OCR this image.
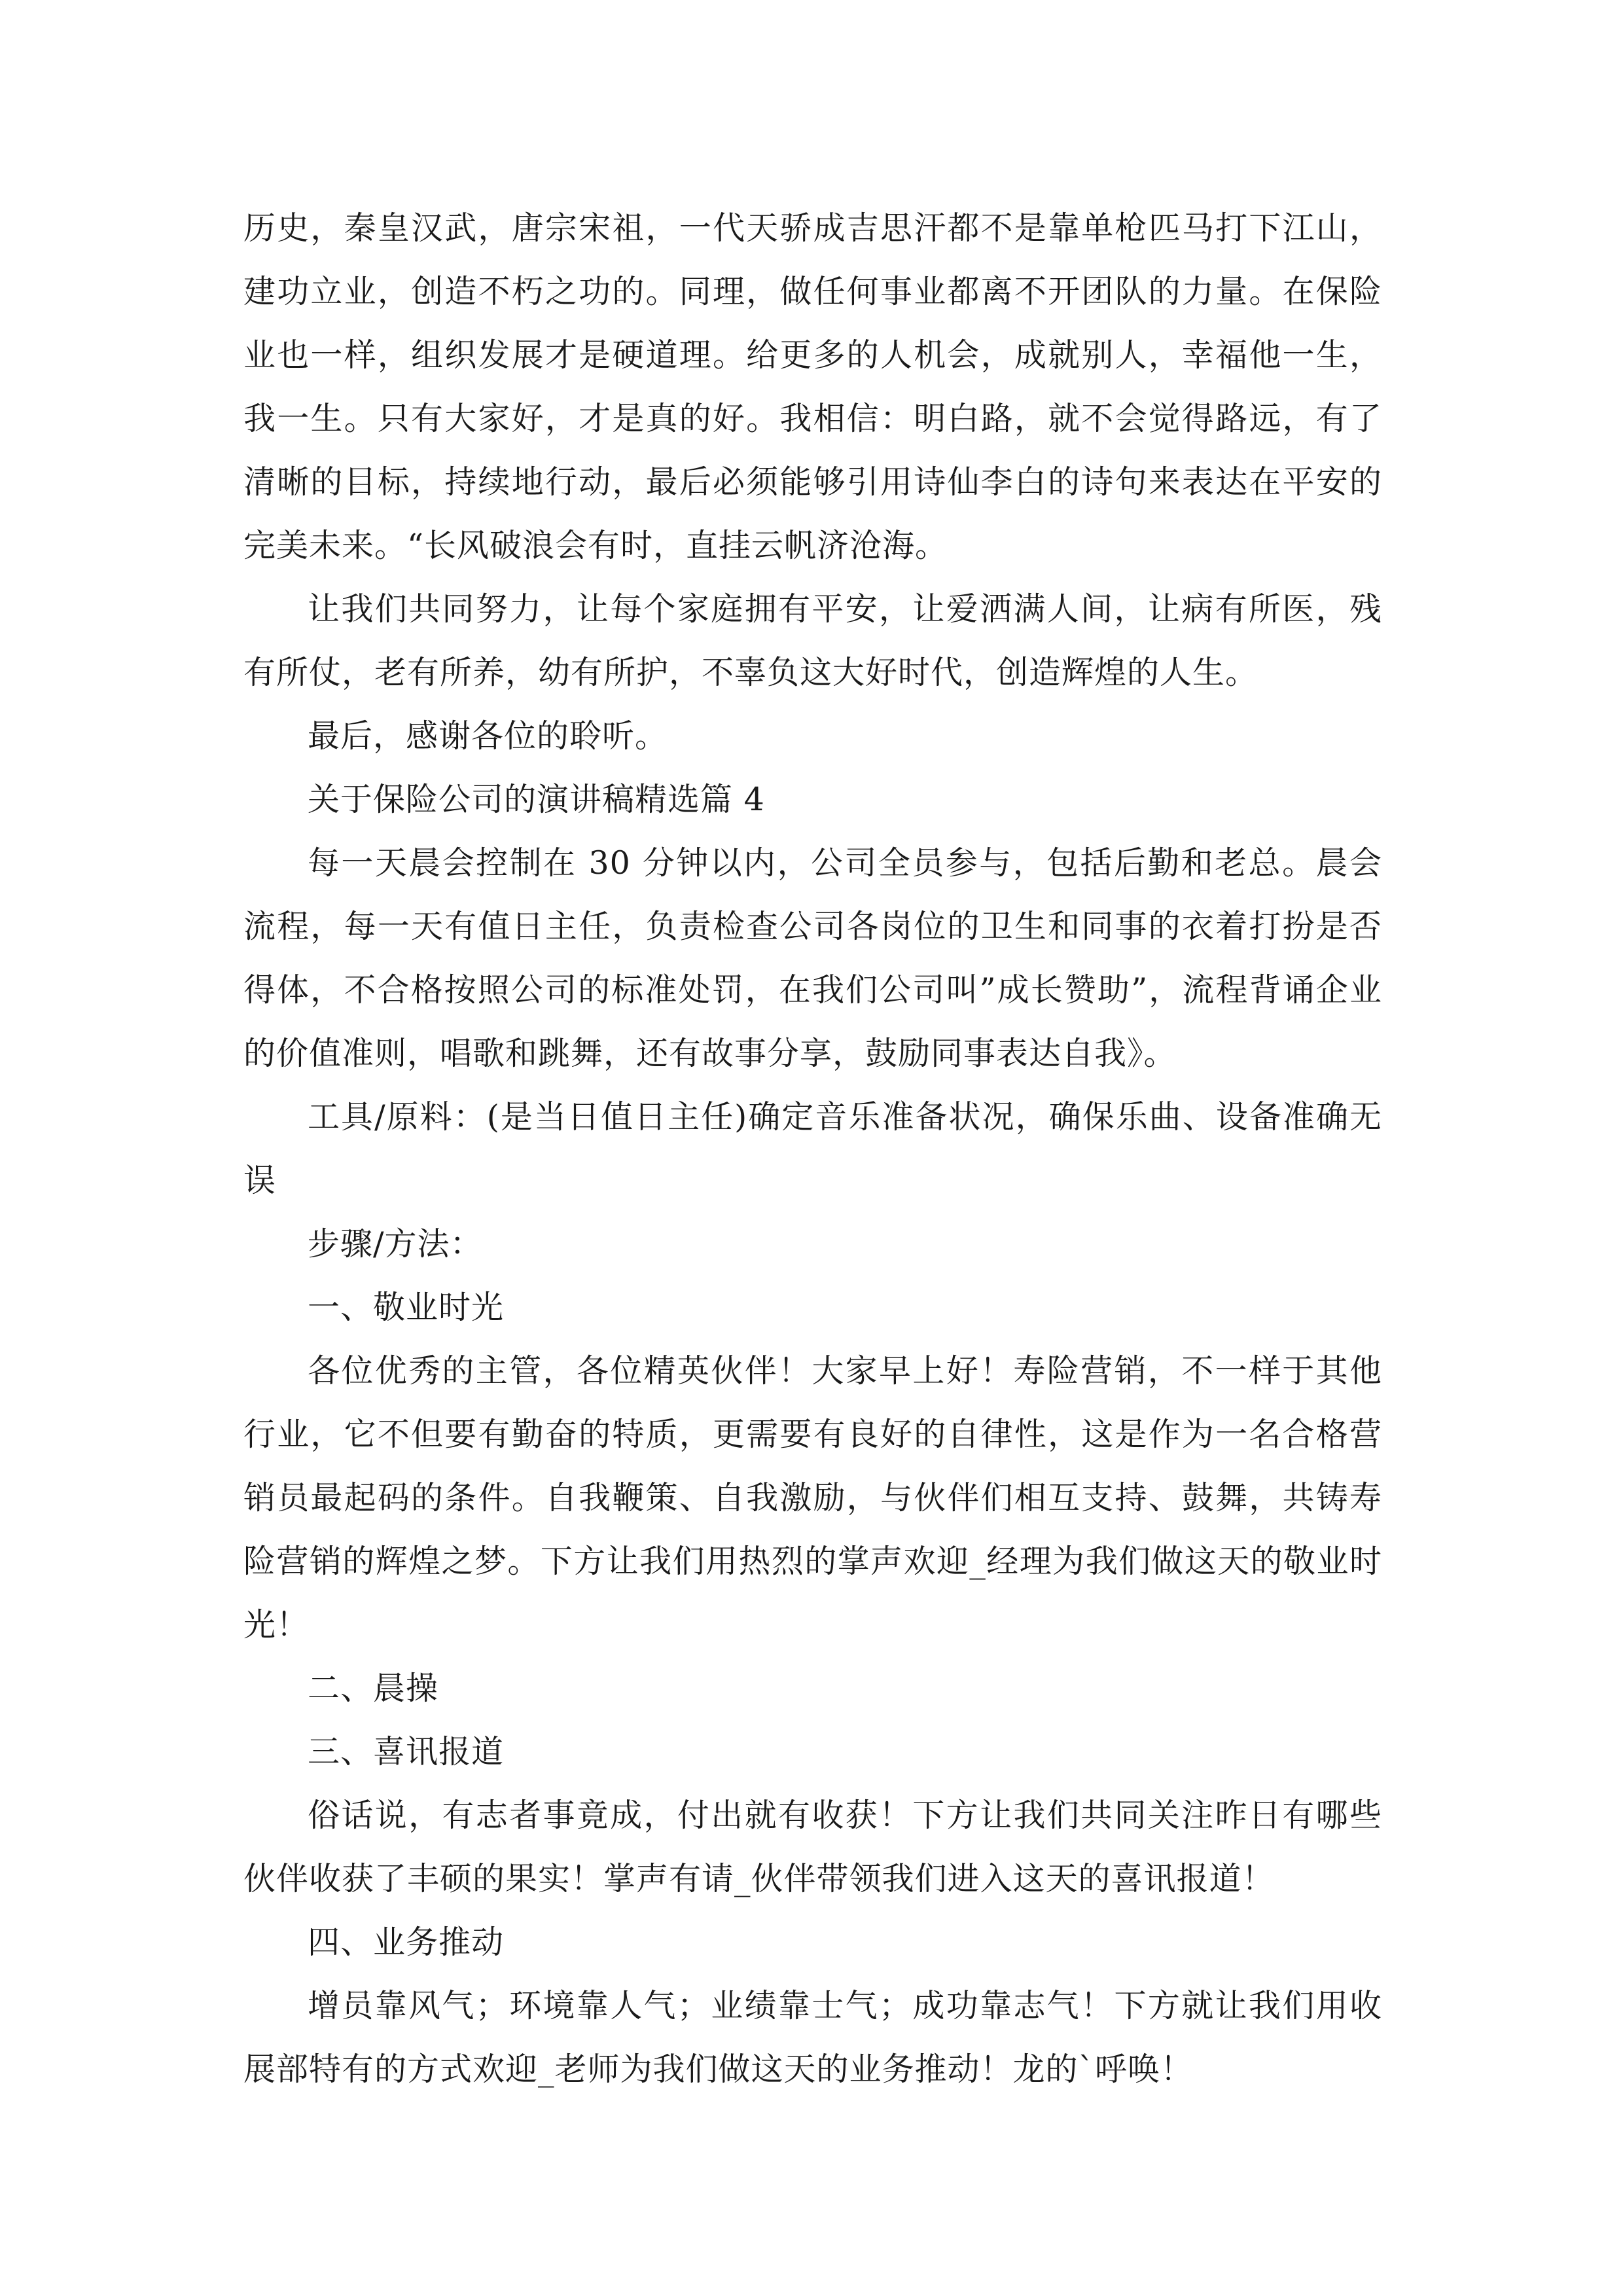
历史，秦皇汉武，唐宗宋祖，一代天骄成吉思汗都不是靠单枪匹马打下江山，建功立业，创造不朽之功的。同理，做任何事业都离不开团队的力量。在保险业也一样，组织发展才是硬道理。给更多的人机会，成就别人，幸福他一生，我一生。只有大家好，才是真的好。我相信：明白路，就不会觉得路远，有了清晰的目标，持续地行动，最后必须能够引用诗仙李白的诗句来表达在平安的完美未来。“长风破浪会有时，直挂云帆济沧海。

让我们共同努力，让每个家庭拥有平安，让爱洒满人间，让病有所医，残有所仗，老有所养，幼有所护，不辜负这大好时代，创造辉煌的人生。

最后，感谢各位的聆听。

关于保险公司的演讲稿精选篇 4

每一天晨会控制在 30 分钟以内，公司全员参与，包括后勤和老总。晨会流程，每一天有值日主任，负责检查公司各岗位的卫生和同事的衣着打扮是否得体，不合格按照公司的标准处罚，在我们公司叫”成长赞助”，流程背诵企业的价值准则，唱歌和跳舞，还有故事分享，鼓励同事表达自我》。

工具/原料：(是当日值日主任)确定音乐准备状况，确保乐曲、设备准确无误

步骤/方法：

一、敬业时光

各位优秀的主管，各位精英伙伴！大家早上好！寿险营销，不一样于其他行业，它不但要有勤奋的特质，更需要有良好的自律性，这是作为一名合格营销员最起码的条件。自我鞭策、自我激励，与伙伴们相互支持、鼓舞，共铸寿险营销的辉煌之梦。下方让我们用热烈的掌声欢迎_经理为我们做这天的敬业时光！

二、晨操

三、喜讯报道

俗话说，有志者事竟成，付出就有收获！下方让我们共同关注昨日有哪些伙伴收获了丰硕的果实！掌声有请_伙伴带领我们进入这天的喜讯报道！

四、业务推动

增员靠风气；环境靠人气；业绩靠士气；成功靠志气！下方就让我们用收展部特有的方式欢迎_老师为我们做这天的业务推动！龙的`呼唤！
